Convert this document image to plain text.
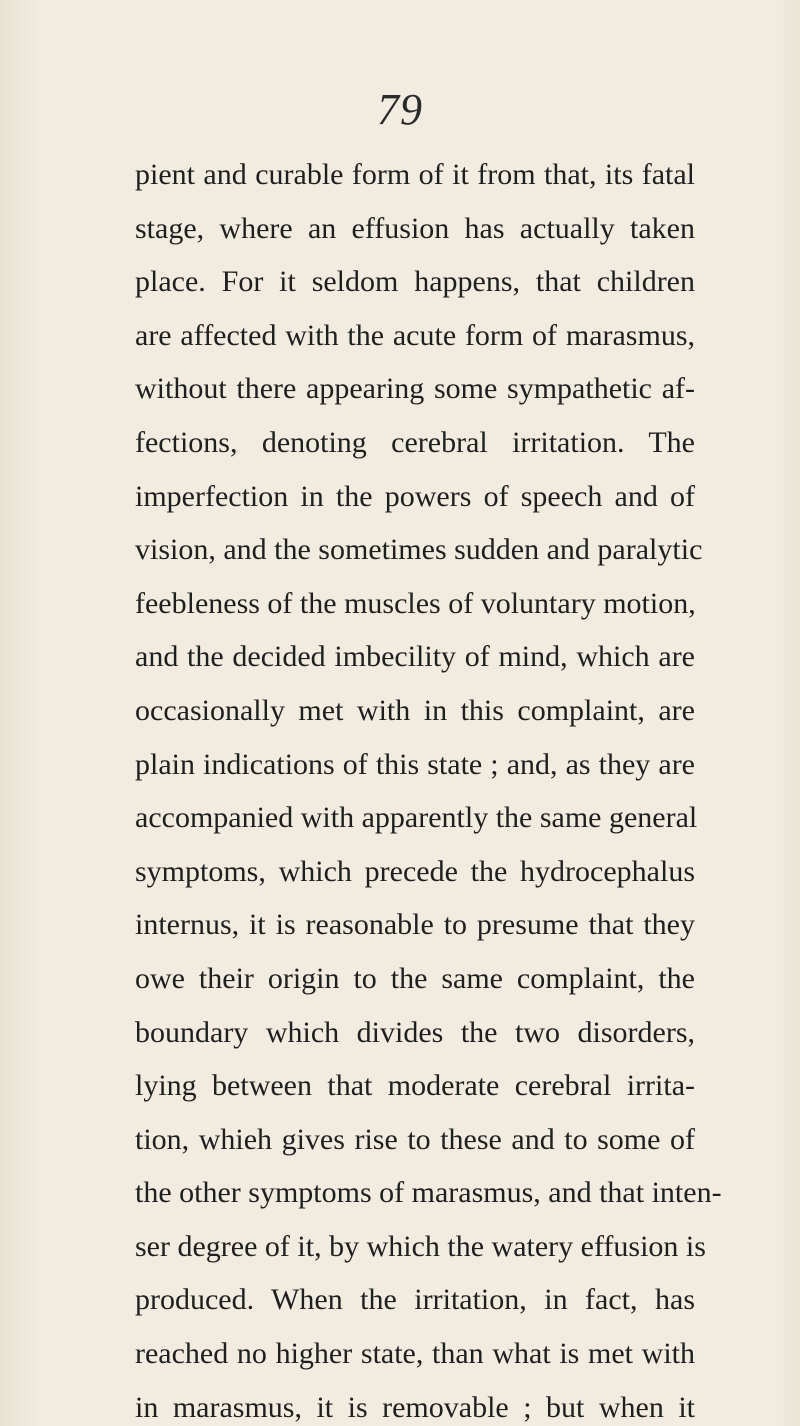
79
pient and curable form of it from that, its fatal
stage, where an effusion has actually taken
place. For it seldom happens, that children
are affected with the acute form of marasmus,
without there appearing some sympathetic af-
fections, denoting cerebral irritation. The
imperfection in the powers of speech and of
vision, and the sometimes sudden and paralytic
feebleness of the muscles of voluntary motion,
and the decided imbecility of mind, which are
occasionally met with in this complaint, are
plain indications of this state ; and, as they are
accompanied with apparently the same general
symptoms, which precede the hydrocephalus
internus, it is reasonable to presume that they
owe their origin to the same complaint, the
boundary which divides the two disorders,
lying between that moderate cerebral irrita-
tion, whieh gives rise to these and to some of
the other symptoms of marasmus, and that inten-
ser degree of it, by which the watery effusion is
produced. When the irritation, in fact, has
reached no higher state, than what is met with
in marasmus, it is removable ; but when it
